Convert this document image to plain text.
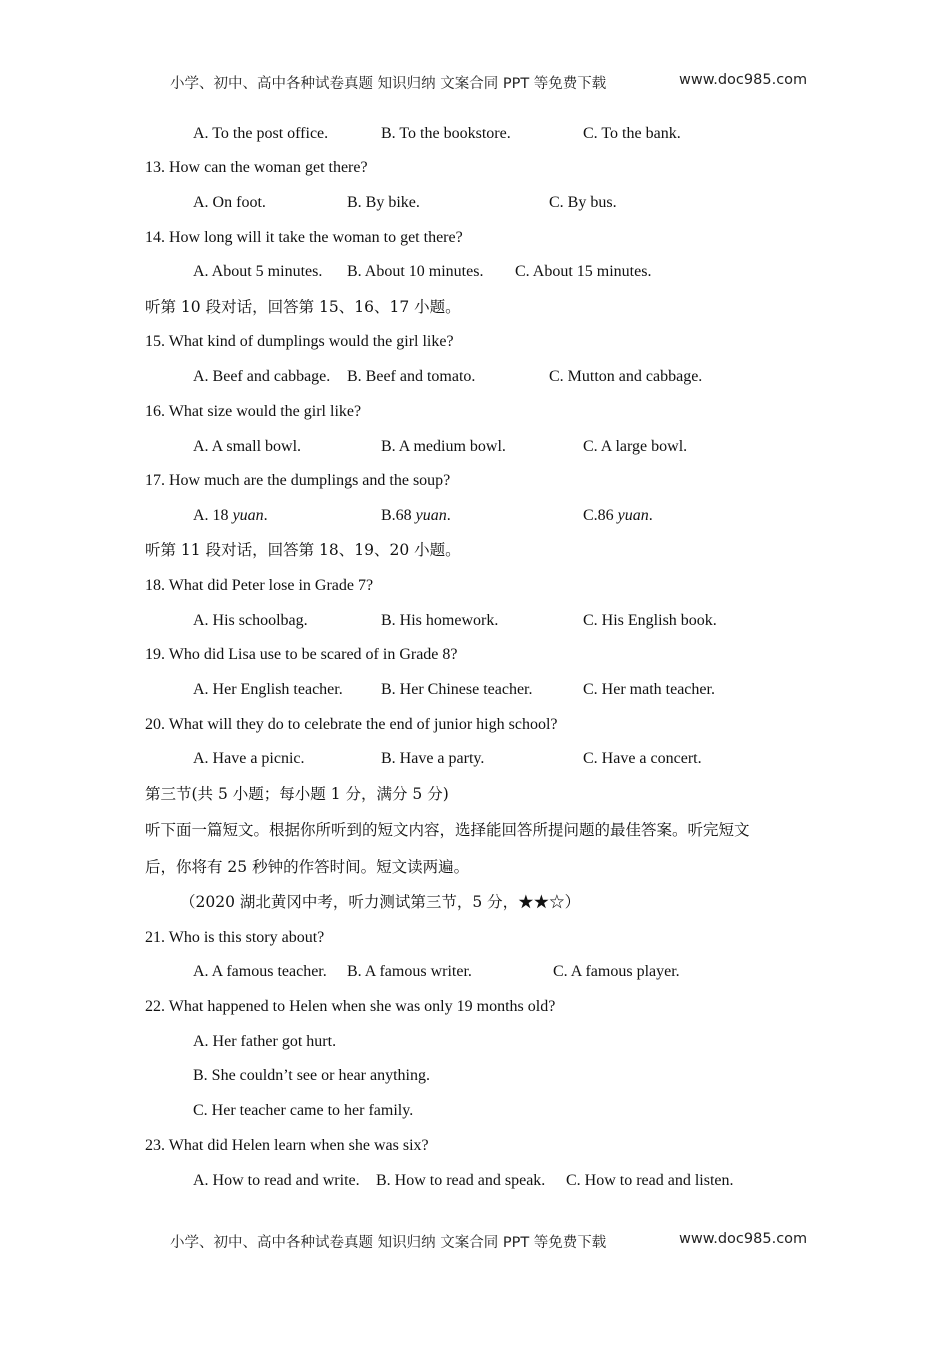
小学、初中、高中各种试卷真题 知识归纳 文案合同 PPT 等免费下载	www.doc985.com
A. To the post office.	B. To the bookstore.	C. To the bank.
13. How can the woman get there?
A. On foot.	B. By bike.	C. By bus.
14. How long will it take the woman to get there?
A. About 5 minutes. B. About 10 minutes. C. About 15 minutes.
听第 10 段对话，回答第 15、16、17 小题。
15. What kind of dumplings would the girl like?
A. Beef and cabbage. B. Beef and tomato.	C. Mutton and cabbage.
16. What size would the girl like?
A. A small bowl.	B. A medium bowl.	C. A large bowl.
17. How much are the dumplings and the soup?
A. 18 yuan.	B.68 yuan.	C.86 yuan.
听第 11 段对话，回答第 18、19、20 小题。
18. What did Peter lose in Grade 7?
A. His schoolbag.	B. His homework.	C. His English book.
19. Who did Lisa use to be scared of in Grade 8?
A. Her English teacher. B. Her Chinese teacher.	C. Her math teacher.
20. What will they do to celebrate the end of junior high school?
A. Have a picnic.	B. Have a party.	C. Have a concert.
第三节(共 5 小题；每小题 1 分，满分 5 分)
听下面一篇短文。根据你所听到的短文内容，选择能回答所提问题的最佳答案。听完短文
后，你将有 25 秒钟的作答时间。短文读两遍。
（2020 湖北黄冈中考，听力测试第三节，5 分，★★☆）
21. Who is this story about?
A. A famous teacher. B. A famous writer.	C. A famous player.
22. What happened to Helen when she was only 19 months old?
A. Her father got hurt.
B. She couldn’t see or hear anything.
C. Her teacher came to her family.
23. What did Helen learn when she was six?
A. How to read and write. B. How to read and speak. C. How to read and listen.
小学、初中、高中各种试卷真题 知识归纳 文案合同 PPT 等免费下载	www.doc985.com
